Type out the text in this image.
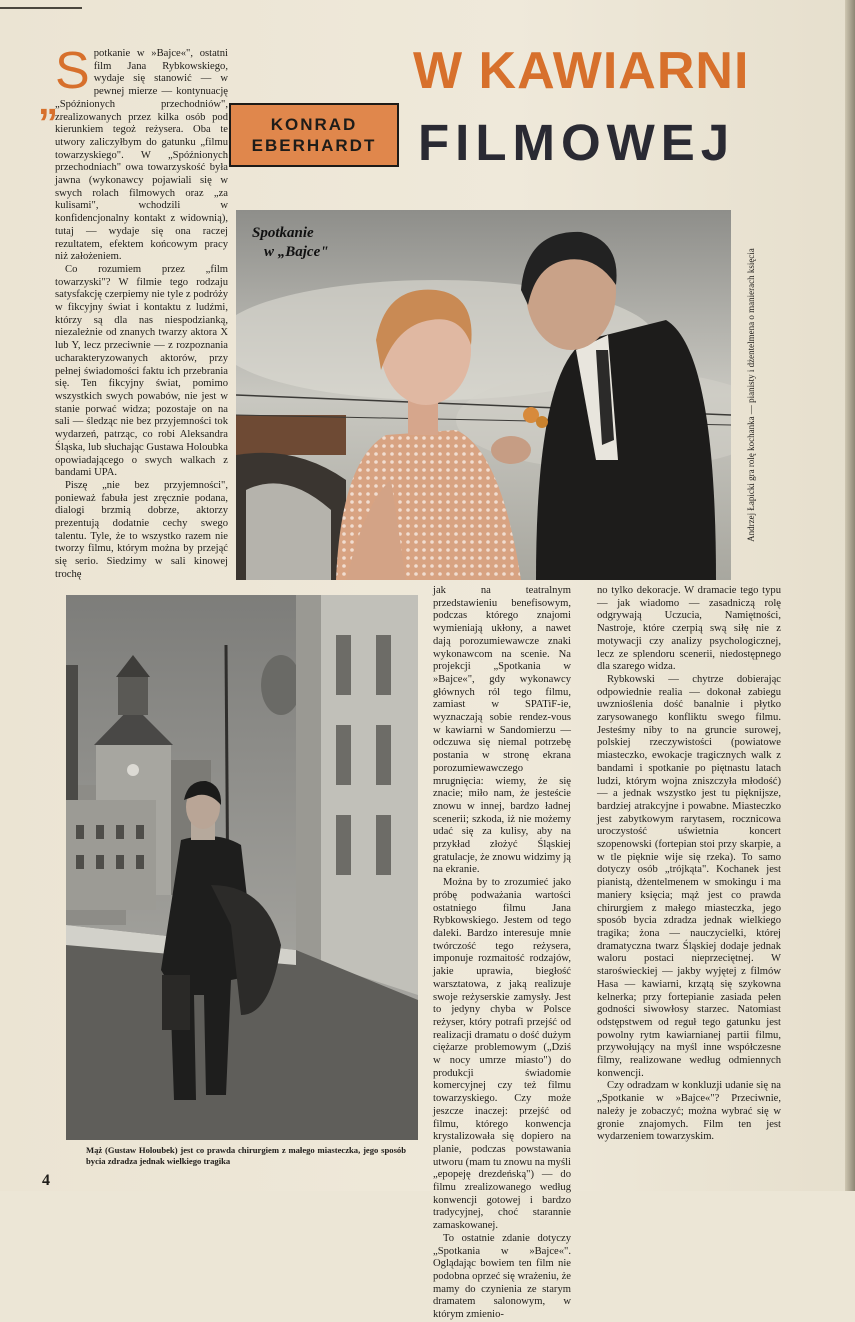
W KAWIARNI
FILMOWEJ
KONRAD
EBERHARDT
„

Spotkanie w »Bajce«", ostatni film Jana Rybkowskiego, wydaje się stanowić — w pewnej mierze — kontynuację „Spóźnionych przechodniów", zrealizowanych przez kilka osób pod kierunkiem tegoż reżysera. Oba te utwory zaliczyłbym do gatunku „filmu towarzyskiego". W „Spóźnionych przechodniach" owa towarzyskość była jawna (wykonawcy pojawiali się w swych rolach filmowych oraz „za kulisami", wchodzili w konfidencjonalny kontakt z widownią), tutaj — wydaje się ona raczej rezultatem, efektem końcowym pracy niż założeniem.

Co rozumiem przez „film towarzyski"? W filmie tego rodzaju satysfakcję czerpiemy nie tyle z podróży w fikcyjny świat i kontaktu z ludźmi, którzy są dla nas niespodzianką, niezależnie od znanych twarzy aktora X lub Y, lecz przeciwnie — z rozpoznania ucharakteryzowanych aktorów, przy pełnej świadomości faktu ich przebrania się. Ten fikcyjny świat, pomimo wszystkich swych powabów, nie jest w stanie porwać widza; pozostaje on na sali — śledząc nie bez przyjemności tok wydarzeń, patrząc, co robi Aleksandra Śląska, lub słuchając Gustawa Holoubka opowiadającego o swych walkach z bandami UPA.

Piszę „nie bez przyjemności", ponieważ fabuła jest zręcznie podana, dialogi brzmią dobrze, aktorzy prezentują dodatnie cechy swego talentu. Tyle, że to wszystko razem nie tworzy filmu, którym można by przejąć się serio. Siedzimy w sali kinowej trochę

Spotkanie
w „Bajce"	Andrzej Łapicki gra rolę kochanka — pianisty i dżentelmena o manierach księcia
Mąż (Gustaw Holoubek) jest co prawda chirurgiem z małego miasteczka, jego sposób bycia zdradza jednak wielkiego tragika

jak na teatralnym przedstawieniu benefisowym, podczas którego znajomi wymieniają ukłony, a nawet dają porozumiewawcze znaki wykonawcom na scenie. Na projekcji „Spotkania w »Bajce«", gdy wykonawcy głównych ról tego filmu, zamiast w SPATiF-ie, wyznaczają sobie rendez-vous w kawiarni w Sandomierzu — odczuwa się niemal potrzebę postania w stronę ekrana porozumiewawczego mrugnięcia: wiemy, że się znacie; miło nam, że jesteście znowu w innej, bardzo ładnej scenerii; szkoda, iż nie możemy udać się za kulisy, aby na przykład złożyć Śląskiej gratulacje, że znowu widzimy ją na ekranie.

Można by to zrozumieć jako próbę podważania wartości ostatniego filmu Jana Rybkowskiego. Jestem od tego daleki. Bardzo interesuje mnie twórczość tego reżysera, imponuje rozmaitość rodzajów, jakie uprawia, biegłość warsztatowa, z jaką realizuje swoje reżyserskie zamysły. Jest to jedyny chyba w Polsce reżyser, który potrafi przejść od realizacji dramatu o dość dużym ciężarze problemowym („Dziś w nocy umrze miasto") do produkcji świadomie komercyjnej czy też filmu towarzyskiego. Czy może jeszcze inaczej: przejść od filmu, którego konwencja krystalizowała się dopiero na planie, podczas powstawania utworu (mam tu znowu na myśli „epopeję drezdeńską") — do filmu zrealizowanego według konwencji gotowej i bardzo tradycyjnej, choć starannie zamaskowanej.

To ostatnie zdanie dotyczy „Spotkania w »Bajce«". Oglądając bowiem ten film nie podobna oprzeć się wrażeniu, że mamy do czynienia ze starym dramatem salonowym, w którym zmienio-

no tylko dekoracje. W dramacie tego typu — jak wiadomo — zasadniczą rolę odgrywają Uczucia, Namiętności, Nastroje, które czerpią swą siłę nie z motywacji czy analizy psychologicznej, lecz ze splendoru scenerii, niedostępnego dla szarego widza.

Rybkowski — chytrze dobierając odpowiednie realia — dokonał zabiegu uwznioślenia dość banalnie i płytko zarysowanego konfliktu swego filmu. Jesteśmy niby to na gruncie surowej, polskiej rzeczywistości (powiatowe miasteczko, ewokacje tragicznych walk z bandami i spotkanie po piętnastu latach ludzi, którym wojna zniszczyła młodość) — a jednak wszystko jest tu pięknijsze, bardziej atrakcyjne i powabne. Miasteczko jest zabytkowym rarytasem, rocznicowa uroczystość uświetnia koncert szopenowski (fortepian stoi przy skarpie, a w tle pięknie wije się rzeka). To samo dotyczy osób „trójkąta". Kochanek jest pianistą, dżentelmenem w smokingu i ma maniery księcia; mąż jest co prawda chirurgiem z małego miasteczka, jego sposób bycia zdradza jednak wielkiego tragika; żona — nauczycielki, której dramatyczna twarz Śląskiej dodaje jednak waloru postaci nieprzeciętnej. W staroświeckiej — jakby wyjętej z filmów Hasa — kawiarni, krzątą się szykowna kelnerka; przy fortepianie zasiada pełen godności siwowłosy starzec. Natomiast odstępstwem od reguł tego gatunku jest powolny rytm kawiarnianej partii filmu, przywołujący na myśl inne współczesne filmy, realizowane według odmiennych konwencji.

Czy odradzam w konkluzji udanie się na „Spotkanie w »Bajce«"? Przeciwnie, należy je zobaczyć; można wybrać się w gronie znajomych. Film ten jest wydarzeniem towarzyskim.

4
